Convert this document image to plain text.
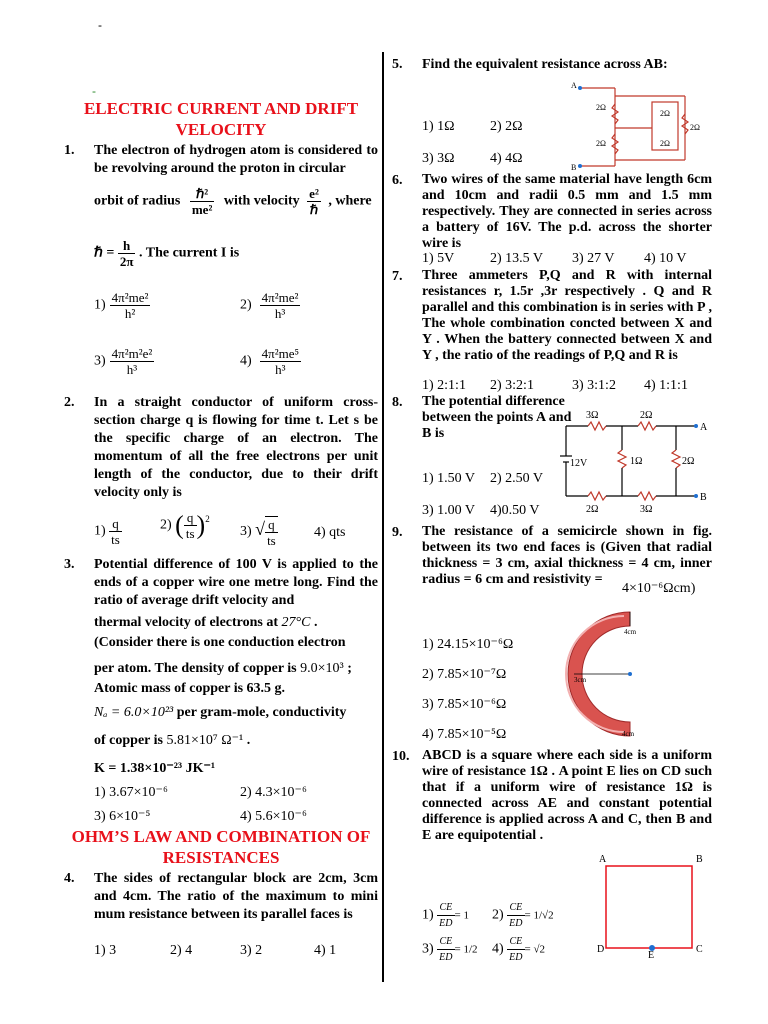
-
-
ELECTRIC CURRENT AND DRIFT VELOCITY
1. The electron of hydrogen atom is considered to be revolving around the proton in circular
orbit of radius $\frac{\text{ℏ²}}{\text{me²}}$ with velocity $\frac{\text{e²}}{\text{ℏ}}$ , where
ℏ = $\frac{h}{2\pi}$ . The current I is
$1) \frac{\text{4π²me²}}{\text{h²}}$	$2) \frac{\text{4π²me²}}{\text{h³}}$
$3) \frac{\text{4π²m²e²}}{\text{h³}}$	$4) \frac{\text{4π²me⁵}}{\text{h³}}$
2. In a straight conductor of uniform cross-section charge q is flowing for time t. Let s be the specific charge of an electron. The momentum of all the free electrons per unit length of the conductor, due to their drift velocity only is
$1) \frac{q}{ts}$	2) ( $\frac{q}{ts} )^2$
3) √ $\frac{q}{ts}$	4) qts
3. Potential difference of 100 V is applied to the ends of a copper wire one metre long. Find the ratio of average drift velocity and
thermal velocity of electrons at 27°C .
(Consider there is one conduction electron
per atom. The density of copper is 9.0×10³ ;
Atomic mass of copper is 63.5 g.
Nₐ = 6.0×10²³ per gram-mole, conductivity
of copper is 5.81×10⁷ Ω⁻¹ .
K = 1.38×10⁻²³ JK⁻¹
1) 3.67×10⁻⁶	2) 4.3×10⁻⁶
3) 6×10⁻⁵	4) 5.6×10⁻⁶
OHM’S LAW AND COMBINATION OF RESISTANCES
4. The sides of rectangular block are 2cm, 3cm and 4cm. The ratio of the maximum to mini mum resistance between its parallel faces is
1) 3	2) 4	3) 2	4) 1
5. Find the equivalent resistance across AB:
1) 1Ω	2) 2Ω
3) 3Ω	4) 4Ω
A
B
2Ω
2Ω
2Ω
2Ω
2Ω
6. Two wires of the same material have length 6cm and 10cm and radii 0.5 mm and 1.5 mm respectively. They are connected in series across a battery of 16V. The p.d. across the shorter wire is
1) 5V	2) 13.5 V 3) 27 V 4) 10 V
7. Three ammeters P,Q and R with internal resistances r, 1.5r ,3r respectively . Q and R parallel and this combination is in series with P , The whole combination concted between X and Y . When the battery connected between X and Y , the ratio of the readings of P,Q and R is
1) 2:1:1 2) 3:2:1	3) 3:1:2 4) 1:1:1
8. The potential difference between the points A and B is
1) 1.50 V 2) 2.50 V
3) 1.00 V 4)0.50 V
3Ω	2Ω
A
12V	1Ω	2Ω
B
2Ω	3Ω
9. The resistance of a semicircle shown in fig. between its two end faces is (Given that radial thickness = 3 cm, axial thickness = 4 cm, inner radius = 6 cm and resistivity =
4×10⁻⁶Ωcm)
1) 24.15×10⁻⁶Ω
2) 7.85×10⁻⁷Ω
3) 7.85×10⁻⁶Ω
4) 7.85×10⁻⁵Ω
4cm
3cm
4cm
10. ABCD is a square where each side is a uniform wire of resistance 1Ω . A point E lies on CD such that if a uniform wire of resistance 1Ω is connected across AE and constant potential difference is applied across A and C, then B and E are equipotential .
$1) \frac{CE}{ED} = 1$ $2) \frac{CE}{ED} = 1/√2$
$3) \frac{CE}{ED} = 1/2$ $4) \frac{CE}{ED} = √2$
A	B
D
E
C
